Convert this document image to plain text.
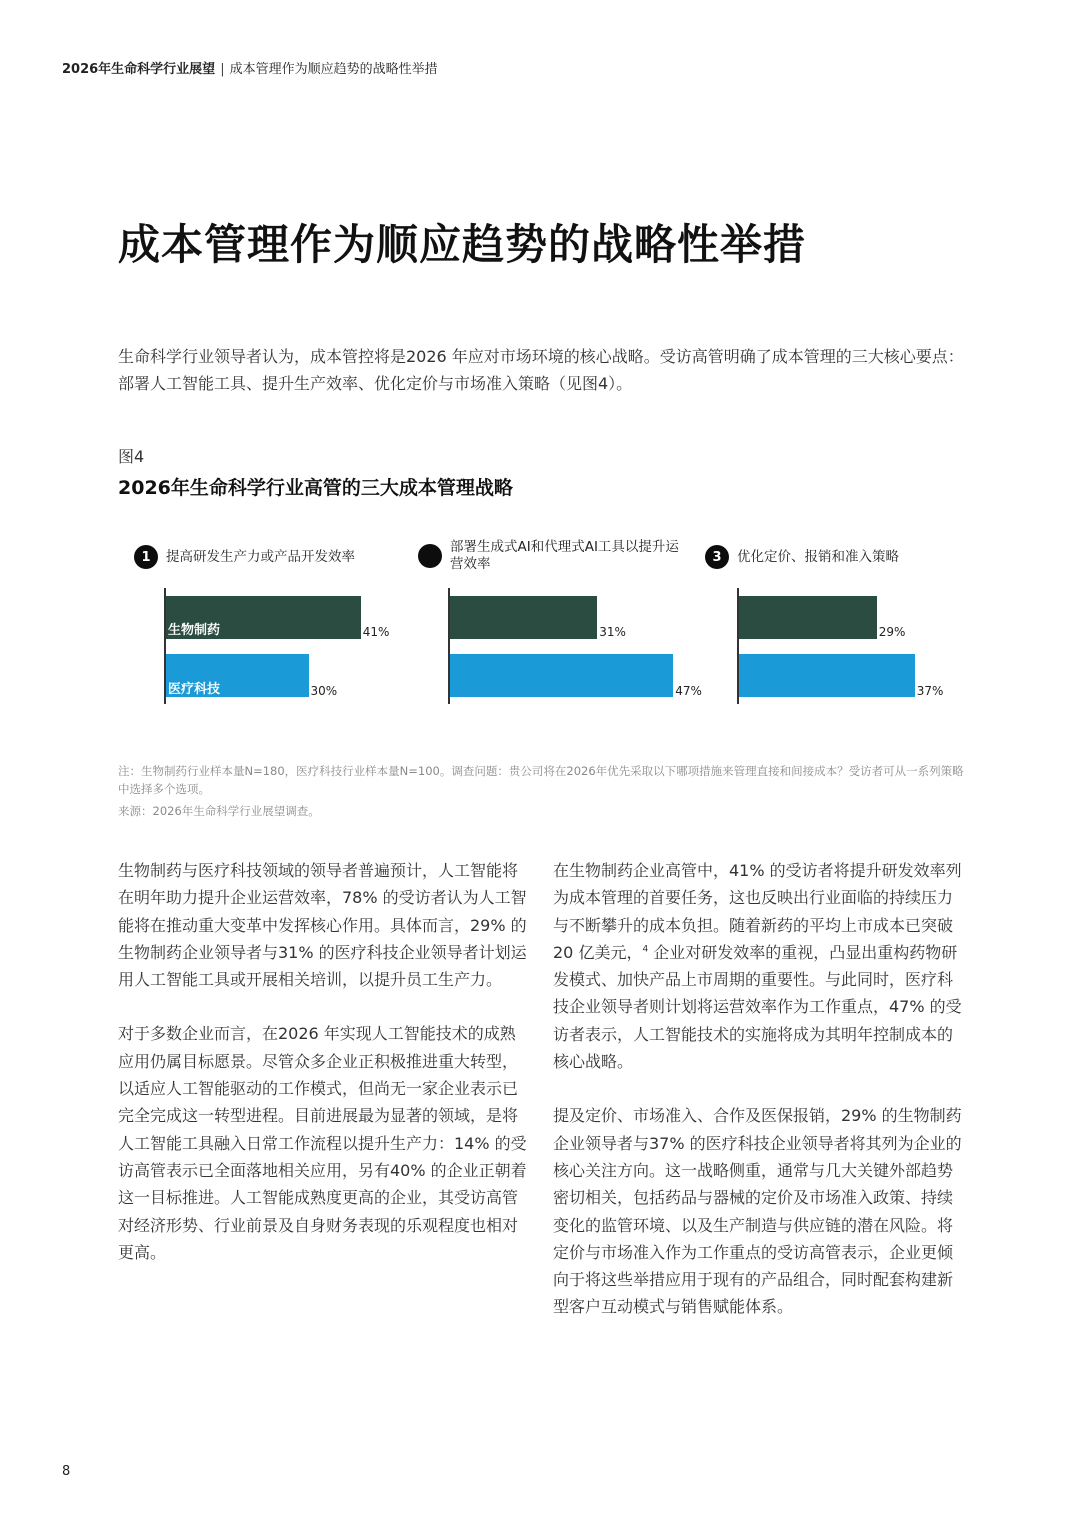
2026年生命科学行业展望 | 成本管理作为顺应趋势的战略性举措
成本管理作为顺应趋势的战略性举措

生命科学行业领导者认为，成本管控将是2026 年应对市场环境的核心战略。受访高管明确了成本管理的三大核心要点：部署人工智能工具、提升生产效率、优化定价与市场准入策略（见图4）。

图4
2026年生命科学行业高管的三大成本管理战略
1	提高研发生产力或产品开发效率
生物制药
医疗科技
41%
30%
部署生成式AI和代理式AI工具以提升运营效率
31%
47%
3	优化定价、报销和准入策略
29%
37%
注：生物制药行业样本量N=180，医疗科技行业样本量N=100。调查问题：贵公司将在2026年优先采取以下哪项措施来管理直接和间接成本？受访者可从一系列策略中选择多个选项。
来源：2026年生命科学行业展望调查。

生物制药与医疗科技领域的领导者普遍预计，人工智能将在明年助力提升企业运营效率，78% 的受访者认为人工智能将在推动重大变革中发挥核心作用。具体而言，29% 的生物制药企业领导者与31% 的医疗科技企业领导者计划运用人工智能工具或开展相关培训，以提升员工生产力。

对于多数企业而言，在2026 年实现人工智能技术的成熟应用仍属目标愿景。尽管众多企业正积极推进重大转型，以适应人工智能驱动的工作模式，但尚无一家企业表示已完全完成这一转型进程。目前进展最为显著的领域，是将人工智能工具融入日常工作流程以提升生产力：14% 的受访高管表示已全面落地相关应用，另有40% 的企业正朝着这一目标推进。人工智能成熟度更高的企业，其受访高管对经济形势、行业前景及自身财务表现的乐观程度也相对更高。

在生物制药企业高管中，41% 的受访者将提升研发效率列为成本管理的首要任务，这也反映出行业面临的持续压力与不断攀升的成本负担。随着新药的平均上市成本已突破20 亿美元，$^4$ 企业对研发效率的重视，凸显出重构药物研发模式、加快产品上市周期的重要性。与此同时，医疗科技企业领导者则计划将运营效率作为工作重点，47% 的受访者表示，人工智能技术的实施将成为其明年控制成本的核心战略。

提及定价、市场准入、合作及医保报销，29% 的生物制药企业领导者与37% 的医疗科技企业领导者将其列为企业的核心关注方向。这一战略侧重，通常与几大关键外部趋势密切相关，包括药品与器械的定价及市场准入政策、持续变化的监管环境、以及生产制造与供应链的潜在风险。将定价与市场准入作为工作重点的受访高管表示，企业更倾向于将这些举措应用于现有的产品组合，同时配套构建新型客户互动模式与销售赋能体系。

8
